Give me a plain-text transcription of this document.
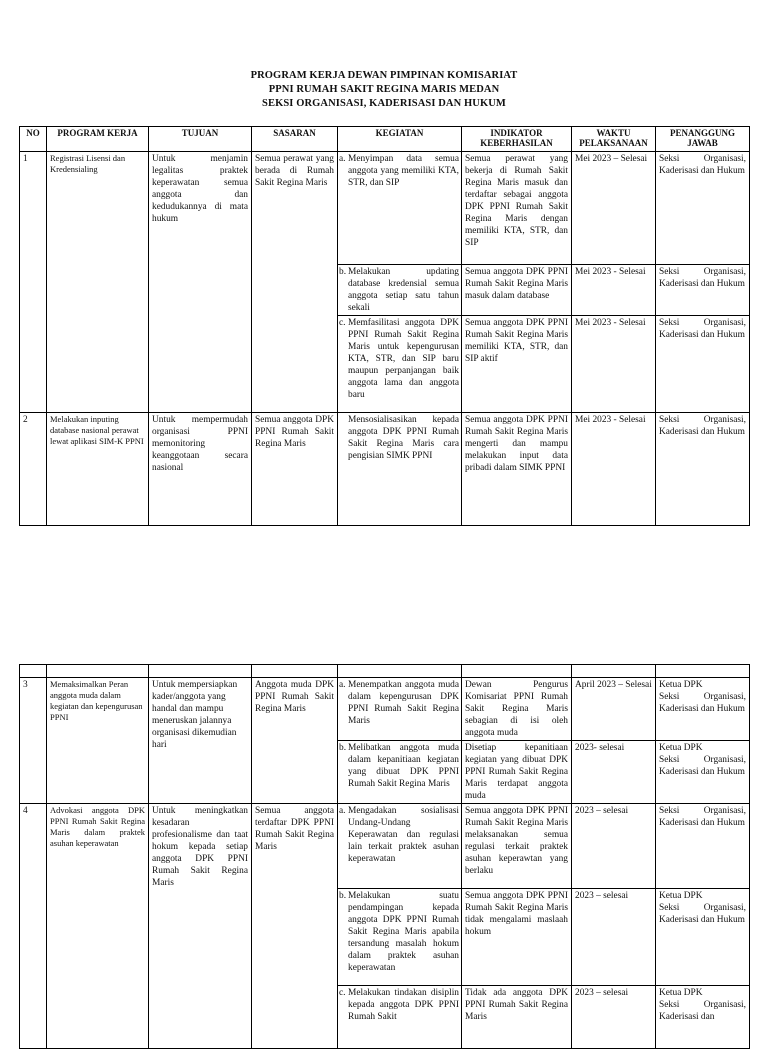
PROGRAM KERJA DEWAN PIMPINAN KOMISARIAT
PPNI RUMAH SAKIT REGINA MARIS MEDAN
SEKSI ORGANISASI, KADERISASI DAN HUKUM
NO	PROGRAM KERJA	TUJUAN	SASARAN	KEGIATAN	INDIKATOR KEBERHASILAN	WAKTU PELAKSANAAN	PENANGGUNG JAWAB
1	Registrasi Lisensi dan Kredensialing	Untuk menjamin legalitas praktek keperawatan semua anggota dan kedudukannya di mata hukum	Semua perawat yang berada di Rumah Sakit Regina Maris	a. Menyimpan data semua anggota yang memiliki KTA, STR, dan SIP	Semua perawat yang bekerja di Rumah Sakit Regina Maris masuk dan terdaftar sebagai anggota DPK PPNI Rumah Sakit Regina Maris dengan memiliki KTA, STR, dan SIP	Mei 2023 – Selesai	Seksi Organisasi, Kaderisasi dan Hukum

				b. Melakukan updating database kredensial semua anggota setiap satu tahun sekali	Semua anggota DPK PPNI Rumah Sakit Regina Maris masuk dalam database	Mei 2023 - Selesai	Seksi Organisasi, Kaderisasi dan Hukum

				c. Memfasilitasi anggota DPK PPNI Rumah Sakit Regina Maris untuk kepengurusan KTA, STR, dan SIP baru maupun perpanjangan baik anggota lama dan anggota baru	Semua anggota DPK PPNI Rumah Sakit Regina Maris memiliki KTA, STR, dan SIP aktif	Mei 2023 - Selesai	Seksi Organisasi, Kaderisasi dan Hukum
2	Melakukan inputing database nasional perawat lewat aplikasi SIM-K PPNI	Untuk mempermudah organisasi PPNI memonitoring keanggotaan secara nasional	Semua anggota DPK PPNI Rumah Sakit Regina Maris	Mensosialisasikan kepada anggota DPK PPNI Rumah Sakit Regina Maris cara pengisian SIMK PPNI	Semua anggota DPK PPNI Rumah Sakit Regina Maris mengerti dan mampu melakukan input data pribadi dalam SIMK PPNI	Mei 2023 - Selesai	Seksi Organisasi, Kaderisasi dan Hukum

3	Memaksimalkan Peran anggota muda dalam kegiatan dan kepengurusan PPNI	Untuk mempersiapkan kader/anggota yang handal dan mampu meneruskan jalannya organisasi dikemudian hari	Anggota muda DPK PPNI Rumah Sakit Regina Maris	a. Menempatkan anggota muda dalam kepengurusan DPK PPNI Rumah Sakit Regina Maris	Dewan Pengurus Komisariat PPNI Rumah Sakit Regina Maris sebagian di isi oleh anggota muda	April 2023 – Selesai	Ketua DPK
Seksi Organisasi, Kaderisasi dan Hukum

				b. Melibatkan anggota muda dalam kepanitiaan kegiatan yang dibuat DPK PPNI Rumah Sakit Regina Maris	Disetiap kepanitiaan kegiatan yang dibuat DPK PPNI Rumah Sakit Regina Maris terdapat anggota muda	2023- selesai	Ketua DPK
Seksi Organisasi, Kaderisasi dan Hukum
4	Advokasi anggota DPK PPNI Rumah Sakit Regina Maris dalam praktek asuhan keperawatan	Untuk meningkatkan kesadaran profesionalisme dan taat hokum kepada setiap anggota DPK PPNI Rumah Sakit Regina Maris	Semua anggota terdaftar DPK PPNI Rumah Sakit Regina Maris	a. Mengadakan sosialisasi Undang-Undang Keperawatan dan regulasi lain terkait praktek asuhan keperawatan	Semua anggota DPK PPNI Rumah Sakit Regina Maris melaksanakan semua regulasi terkait praktek asuhan keperawtan yang berlaku	2023 – selesai	Seksi Organisasi, Kaderisasi dan Hukum

				b. Melakukan suatu pendampingan kepada anggota DPK PPNI Rumah Sakit Regina Maris apabila tersandung masalah hokum dalam praktek asuhan keperawatan	Semua anggota DPK PPNI Rumah Sakit Regina Maris tidak mengalami maslaah hokum	2023 – selesai	Ketua DPK
Seksi Organisasi, Kaderisasi dan Hukum

				c. Melakukan tindakan disiplin kepada anggota DPK PPNI Rumah Sakit	Tidak ada anggota DPK PPNI Rumah Sakit Regina Maris	2023 – selesai	Ketua DPK
Seksi Organisasi, Kaderisasi dan
